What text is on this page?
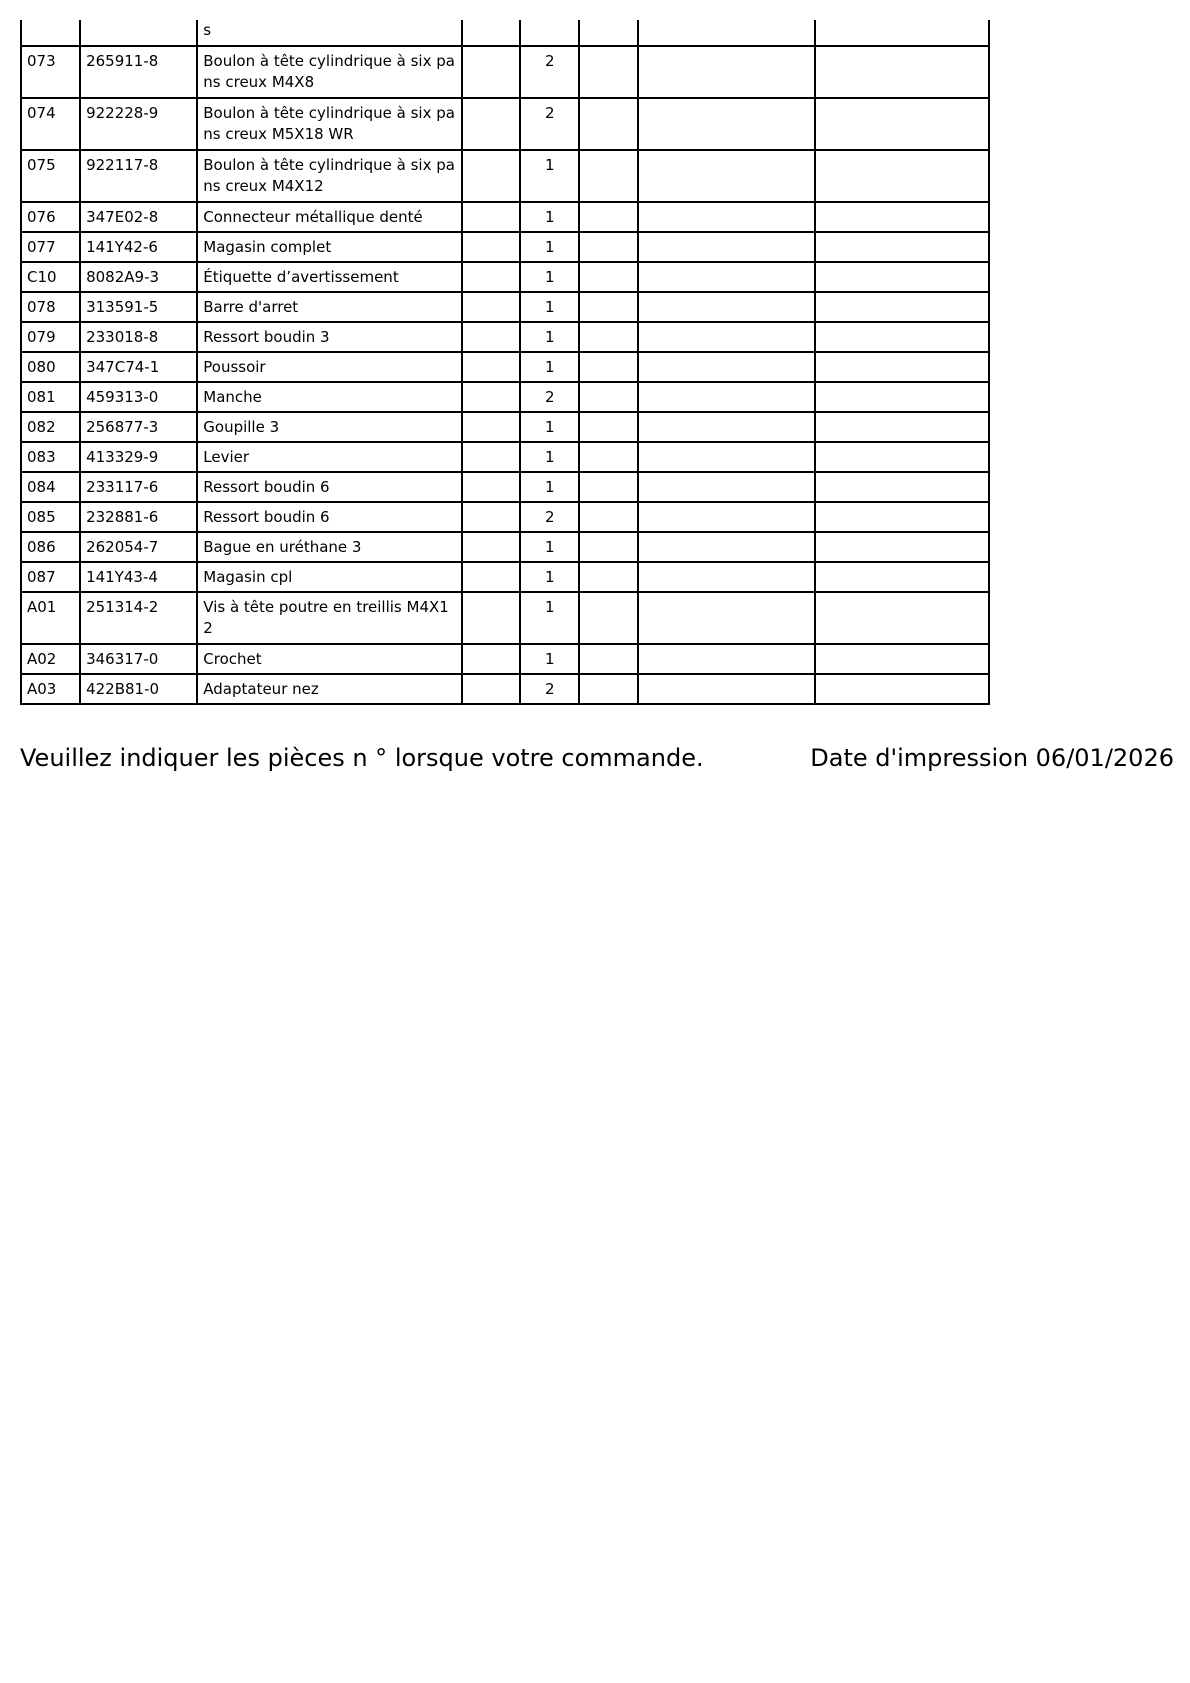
		s					
073	265911-8	Boulon à tête cylindrique à six pans creux M4X8		2			
074	922228-9	Boulon à tête cylindrique à six pans creux M5X18 WR		2			
075	922117-8	Boulon à tête cylindrique à six pans creux M4X12		1			
076	347E02-8	Connecteur métallique denté		1			
077	141Y42-6	Magasin complet		1			
C10	8082A9-3	Étiquette d’avertissement		1			
078	313591-5	Barre d'arret		1			
079	233018-8	Ressort boudin 3		1			
080	347C74-1	Poussoir		1			
081	459313-0	Manche		2			
082	256877-3	Goupille 3		1			
083	413329-9	Levier		1			
084	233117-6	Ressort boudin 6		1			
085	232881-6	Ressort boudin 6		2			
086	262054-7	Bague en uréthane 3		1			
087	141Y43-4	Magasin cpl		1			
A01	251314-2	Vis à tête poutre en treillis M4X12		1			
A02	346317-0	Crochet		1			
A03	422B81-0	Adaptateur nez		2			
Veuillez indiquer les pièces n ° lorsque votre commande.	Date d'impression 06/01/2026
